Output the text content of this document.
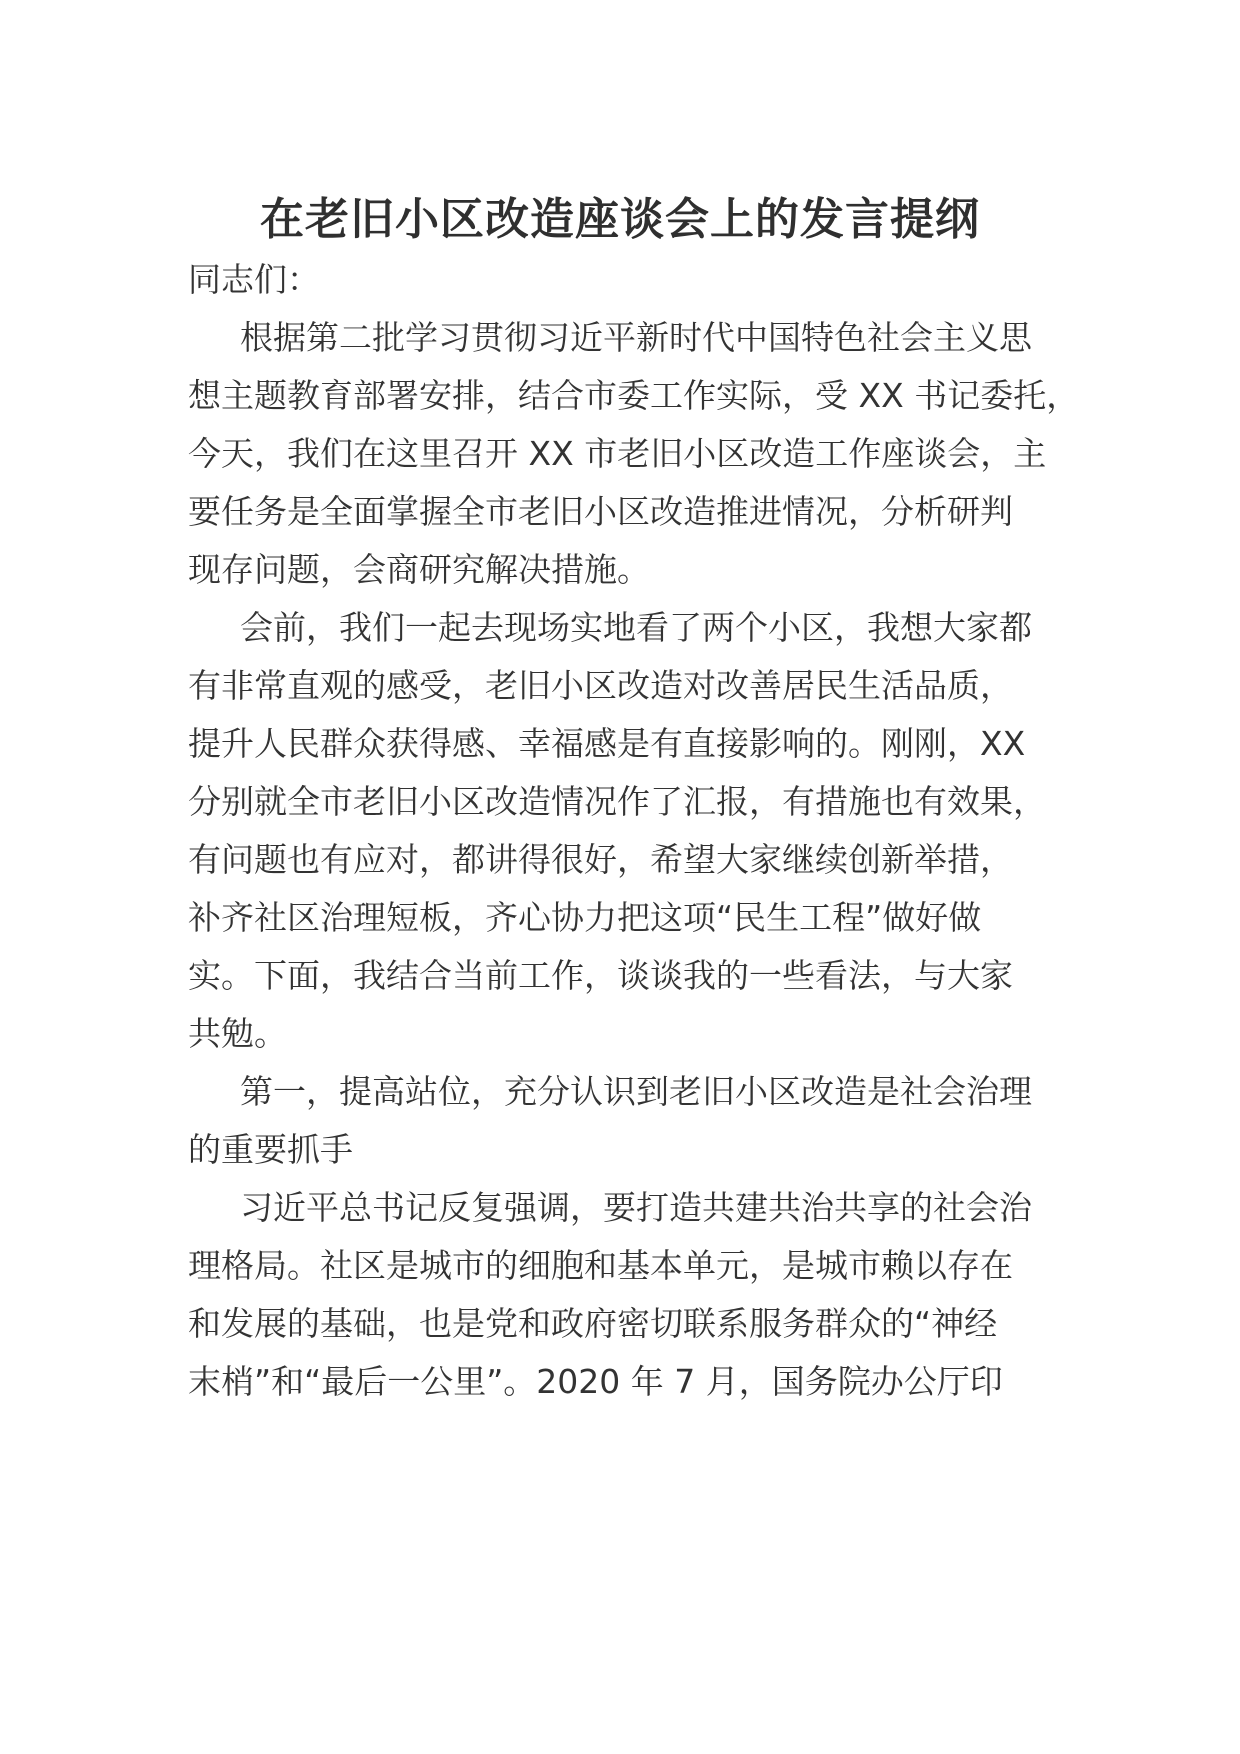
在老旧小区改造座谈会上的发言提纲
同志们：
根据第二批学习贯彻习近平新时代中国特色社会主义思
想主题教育部署安排，结合市委工作实际，受 XX 书记委托，
今天，我们在这里召开 XX 市老旧小区改造工作座谈会，主
要任务是全面掌握全市老旧小区改造推进情况，分析研判
现存问题，会商研究解决措施。
会前，我们一起去现场实地看了两个小区，我想大家都
有非常直观的感受，老旧小区改造对改善居民生活品质，
提升人民群众获得感、幸福感是有直接影响的。刚刚，XX
分别就全市老旧小区改造情况作了汇报，有措施也有效果，
有问题也有应对，都讲得很好，希望大家继续创新举措，
补齐社区治理短板，齐心协力把这项“民生工程”做好做
实。下面，我结合当前工作，谈谈我的一些看法，与大家
共勉。
第一，提高站位，充分认识到老旧小区改造是社会治理
的重要抓手
习近平总书记反复强调，要打造共建共治共享的社会治
理格局。社区是城市的细胞和基本单元，是城市赖以存在
和发展的基础，也是党和政府密切联系服务群众的“神经
末梢”和“最后一公里”。2020 年 7 月，国务院办公厅印
